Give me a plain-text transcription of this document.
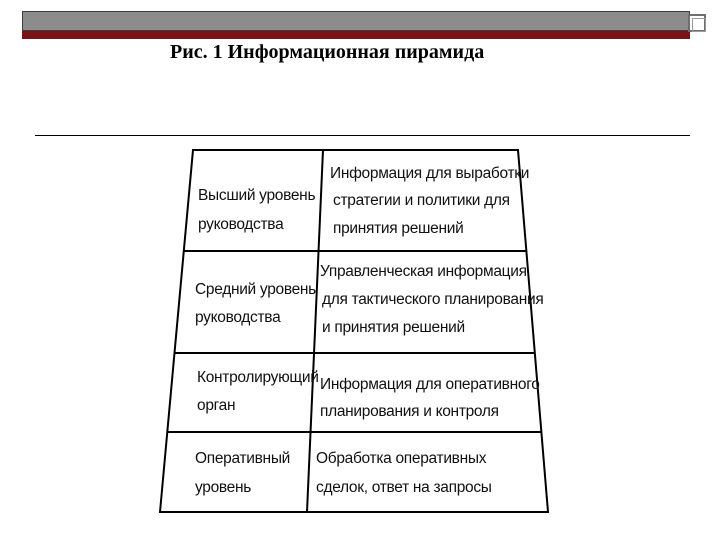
Рис. 1 Информационная пирамида
Высший уровень
руководства
Информация для выработки
стратегии и политики для
принятия решений
Средний уровень
руководства
Управленческая информация
для тактического планирования
и принятия решений
Контролирующий
орган
Информация для оперативного
планирования и контроля
Оперативный
уровень
Обработка оперативных
сделок, ответ на запросы
